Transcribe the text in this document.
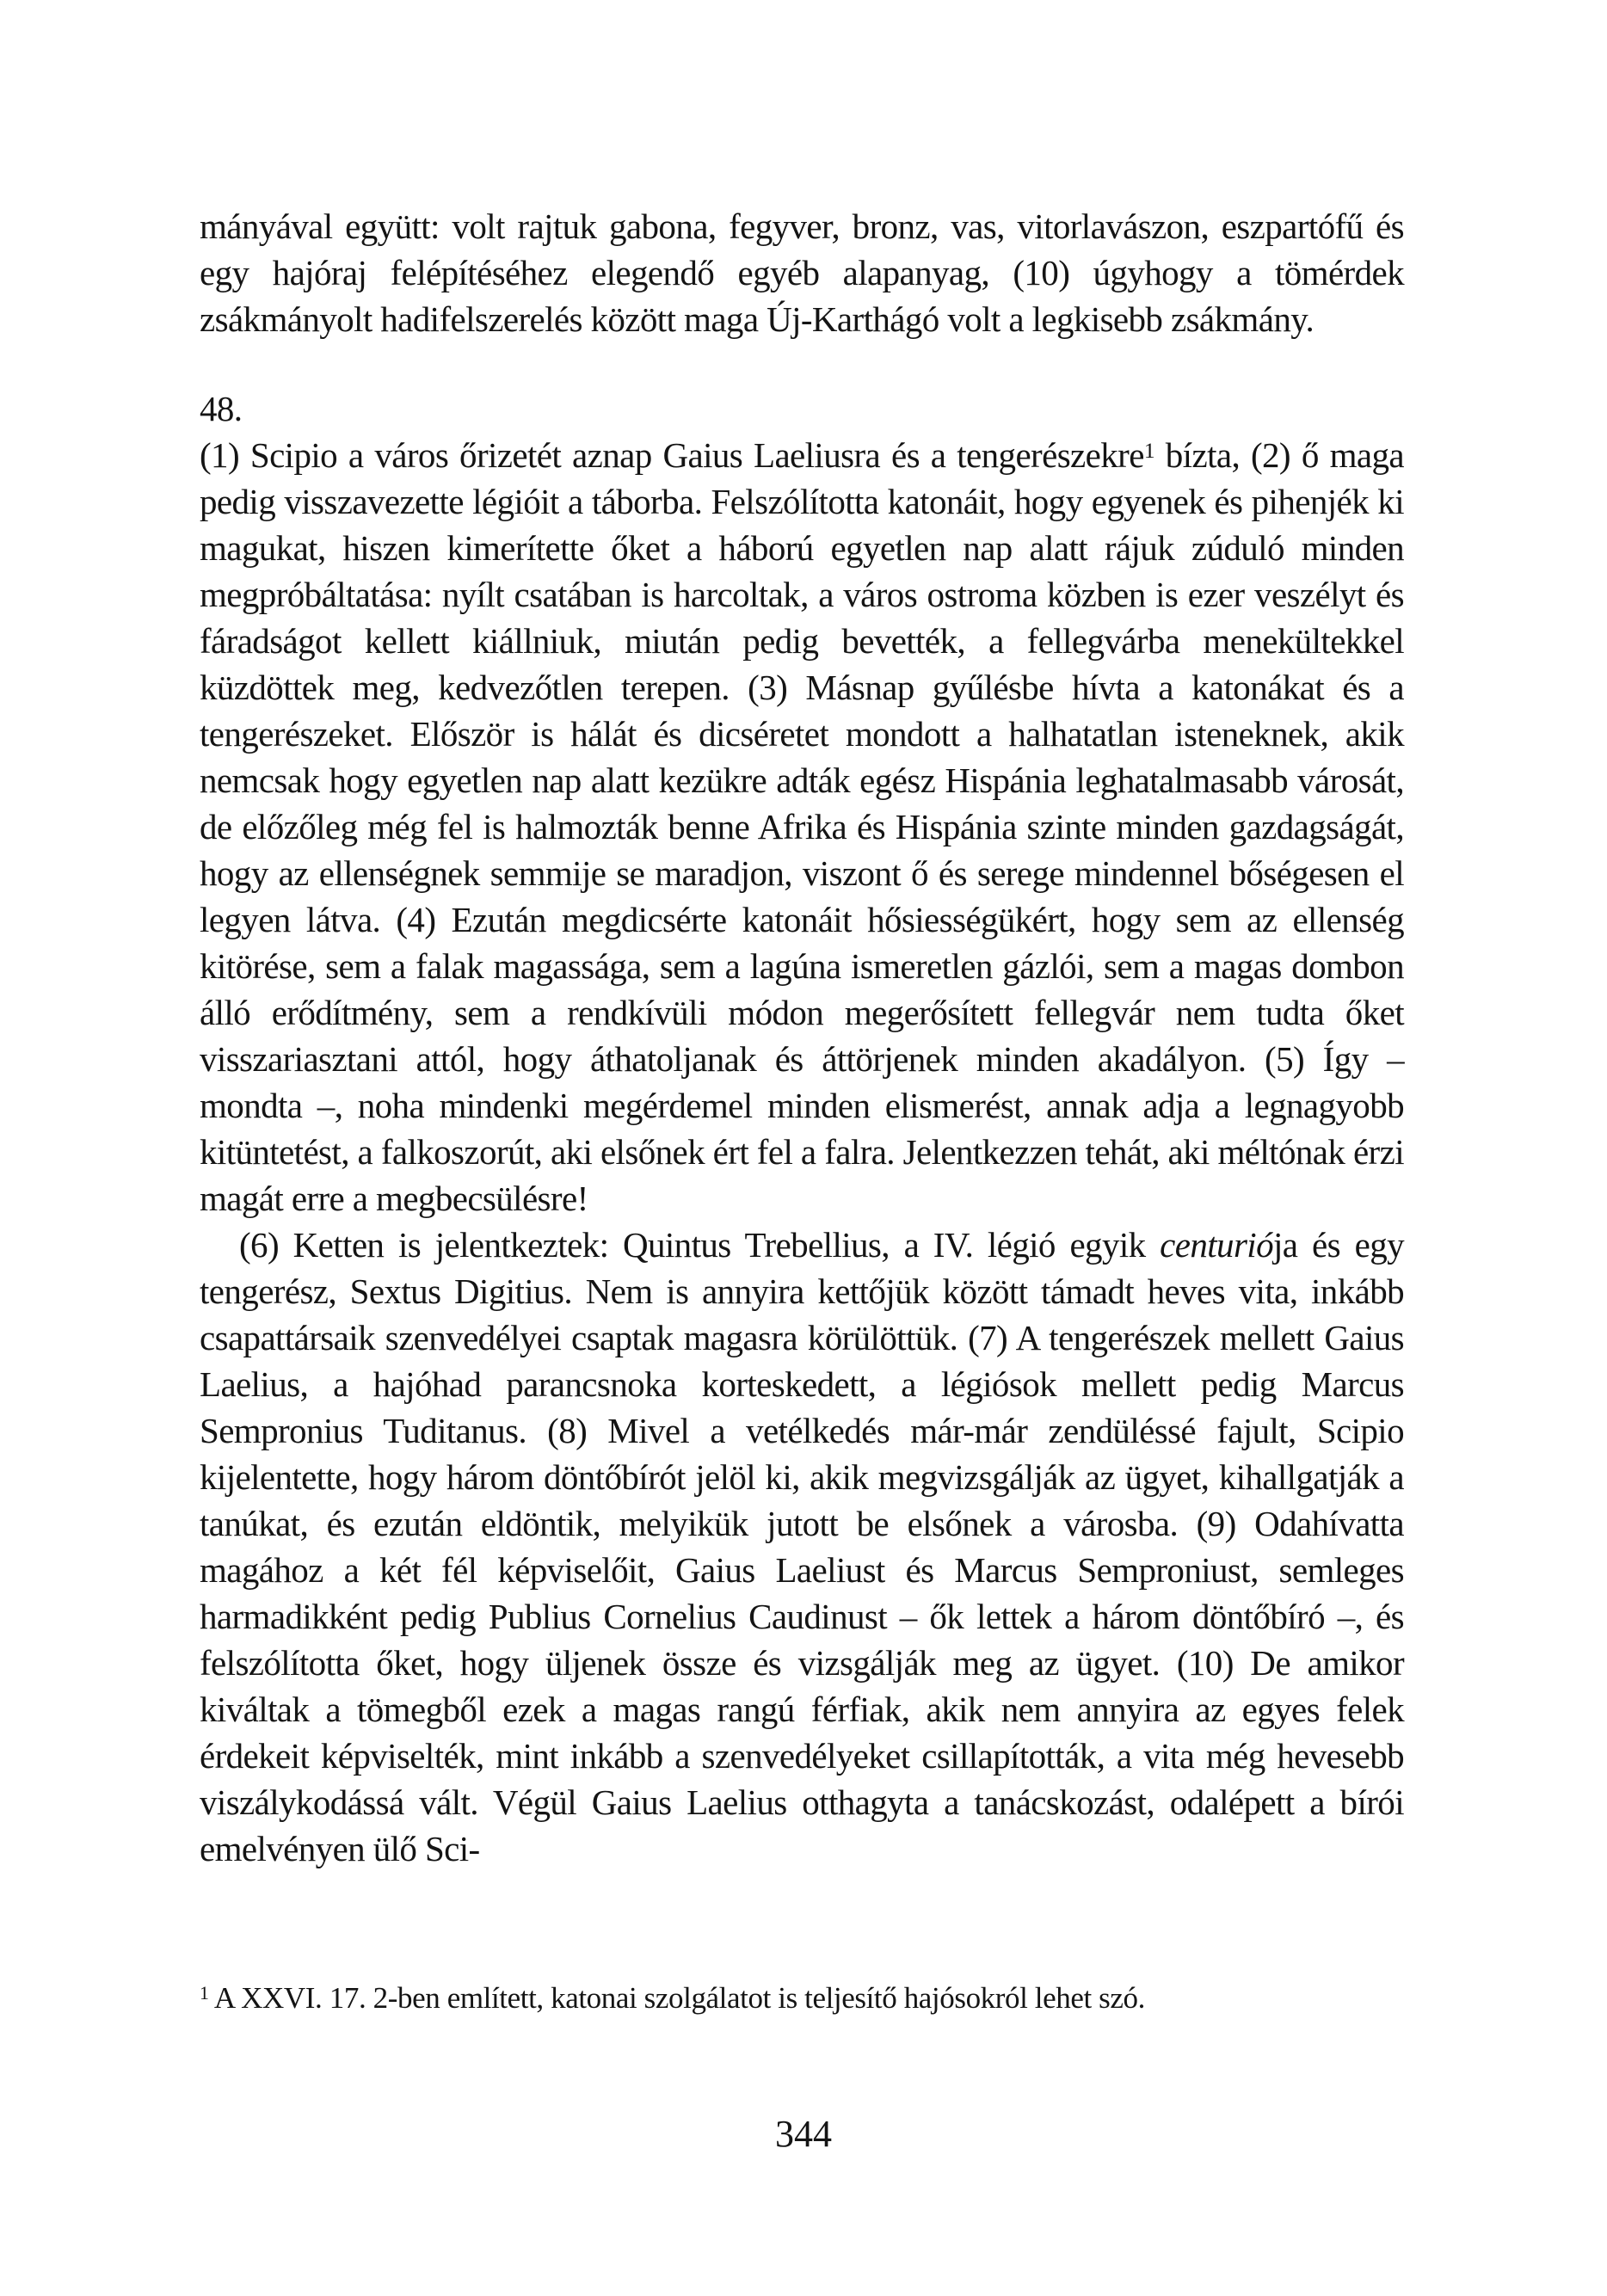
mányával együtt: volt rajtuk gabona, fegyver, bronz, vas, vitorlavászon, eszpartófű és egy hajóraj felépítéséhez elegendő egyéb alapanyag, (10) úgyhogy a tömérdek zsákmányolt hadifelszerelés között maga Új-Karthágó volt a legkisebb zsákmány.

48.

(1) Scipio a város őrizetét aznap Gaius Laeliusra és a tengerészekre$^1$ bízta, (2) ő maga pedig visszavezette légióit a táborba. Felszólította katonáit, hogy egyenek és pihenjék ki magukat, hiszen kimerítette őket a háború egyetlen nap alatt rájuk zúduló minden megpróbáltatása: nyílt csatában is harcoltak, a város ostroma közben is ezer veszélyt és fáradságot kellett kiállniuk, miután pedig bevették, a fellegvárba menekültekkel küzdöttek meg, kedvezőtlen terepen. (3) Másnap gyűlésbe hívta a katonákat és a tengerészeket. Először is hálát és dicséretet mondott a halhatatlan isteneknek, akik nemcsak hogy egyetlen nap alatt kezükre adták egész Hispánia leghatalmasabb városát, de előzőleg még fel is halmozták benne Afrika és Hispánia szinte minden gazdagságát, hogy az ellenségnek semmije se maradjon, viszont ő és serege mindennel bőségesen el legyen látva. (4) Ezután megdicsérte katonáit hősiességükért, hogy sem az ellenség kitörése, sem a falak magassága, sem a lagúna ismeretlen gázlói, sem a magas dombon álló erődítmény, sem a rendkívüli módon megerősített fellegvár nem tudta őket visszariasztani attól, hogy áthatoljanak és áttörjenek minden akadályon. (5) Így – mondta –, noha mindenki megérdemel minden elismerést, annak adja a legnagyobb kitüntetést, a falkoszorút, aki elsőnek ért fel a falra. Jelentkezzen tehát, aki méltónak érzi magát erre a megbecsülésre!

(6) Ketten is jelentkeztek: Quintus Trebellius, a IV. légió egyik centuriója és egy tengerész, Sextus Digitius. Nem is annyira kettőjük között támadt heves vita, inkább csapattársaik szenvedélyei csaptak magasra körülöttük. (7) A tengerészek mellett Gaius Laelius, a hajóhad parancsnoka korteskedett, a légiósok mellett pedig Marcus Sempronius Tuditanus. (8) Mivel a vetélkedés már-már zendüléssé fajult, Scipio kijelentette, hogy három döntőbírót jelöl ki, akik megvizsgálják az ügyet, kihallgatják a tanúkat, és ezután eldöntik, melyikük jutott be elsőnek a városba. (9) Odahívatta magához a két fél képviselőit, Gaius Laeliust és Marcus Semproniust, semleges harmadikként pedig Publius Cornelius Caudinust – ők lettek a három döntőbíró –, és felszólította őket, hogy üljenek össze és vizsgálják meg az ügyet. (10) De amikor kiváltak a tömegből ezek a magas rangú férfiak, akik nem annyira az egyes felek érdekeit képviselték, mint inkább a szenvedélyeket csillapították, a vita még hevesebb viszálykodássá vált. Végül Gaius Laelius otthagyta a tanácskozást, odalépett a bírói emelvényen ülő Sci-

$^1$ A XXVI. 17. 2-ben említett, katonai szolgálatot is teljesítő hajósokról lehet szó.
344
